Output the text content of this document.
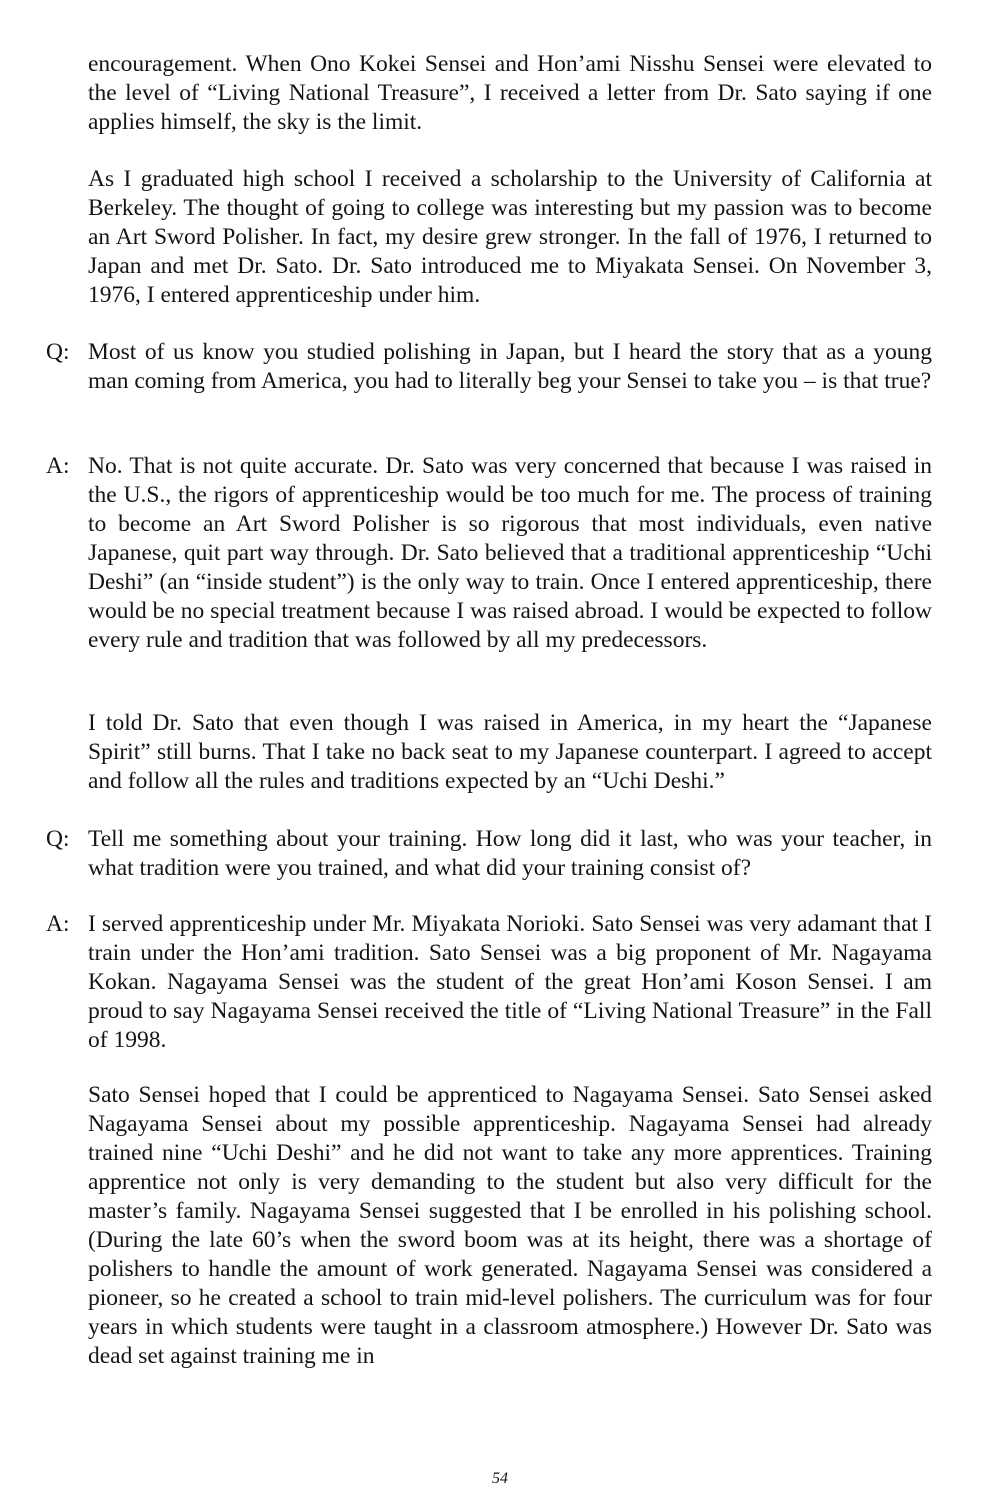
encouragement. When Ono Kokei Sensei and Hon’ami Nisshu Sensei were elevated to the level of “Living National Treasure”, I received a letter from Dr. Sato saying if one applies himself, the sky is the limit.

As I graduated high school I received a scholarship to the University of California at Berkeley. The thought of going to college was interesting but my passion was to become an Art Sword Polisher. In fact, my desire grew stronger. In the fall of 1976, I returned to Japan and met Dr. Sato. Dr. Sato introduced me to Miyakata Sensei. On November 3, 1976, I entered apprenticeship under him.

Q: Most of us know you studied polishing in Japan, but I heard the story that as a young man coming from America, you had to literally beg your Sensei to take you – is that true?

A: No. That is not quite accurate. Dr. Sato was very concerned that because I was raised in the U.S., the rigors of apprenticeship would be too much for me. The process of training to become an Art Sword Polisher is so rigorous that most individuals, even native Japanese, quit part way through. Dr. Sato believed that a traditional apprenticeship “Uchi Deshi” (an “inside student”) is the only way to train. Once I entered apprenticeship, there would be no special treatment because I was raised abroad. I would be expected to follow every rule and tradition that was followed by all my predecessors.

I told Dr. Sato that even though I was raised in America, in my heart the “Japanese Spirit” still burns. That I take no back seat to my Japanese counterpart. I agreed to accept and follow all the rules and traditions expected by an “Uchi Deshi.”

Q: Tell me something about your training. How long did it last, who was your teacher, in what tradition were you trained, and what did your training consist of?

A: I served apprenticeship under Mr. Miyakata Norioki. Sato Sensei was very adamant that I train under the Hon’ami tradition. Sato Sensei was a big proponent of Mr. Nagayama Kokan. Nagayama Sensei was the student of the great Hon’ami Koson Sensei. I am proud to say Nagayama Sensei received the title of “Living National Treasure” in the Fall of 1998.

Sato Sensei hoped that I could be apprenticed to Nagayama Sensei. Sato Sensei asked Nagayama Sensei about my possible apprenticeship. Nagayama Sensei had already trained nine “Uchi Deshi” and he did not want to take any more apprentices. Training apprentice not only is very demanding to the student but also very difficult for the master’s family. Nagayama Sensei suggested that I be enrolled in his polishing school. (During the late 60’s when the sword boom was at its height, there was a shortage of polishers to handle the amount of work generated. Nagayama Sensei was considered a pioneer, so he created a school to train mid-level polishers. The curriculum was for four years in which students were taught in a classroom atmosphere.) However Dr. Sato was dead set against training me in

54
